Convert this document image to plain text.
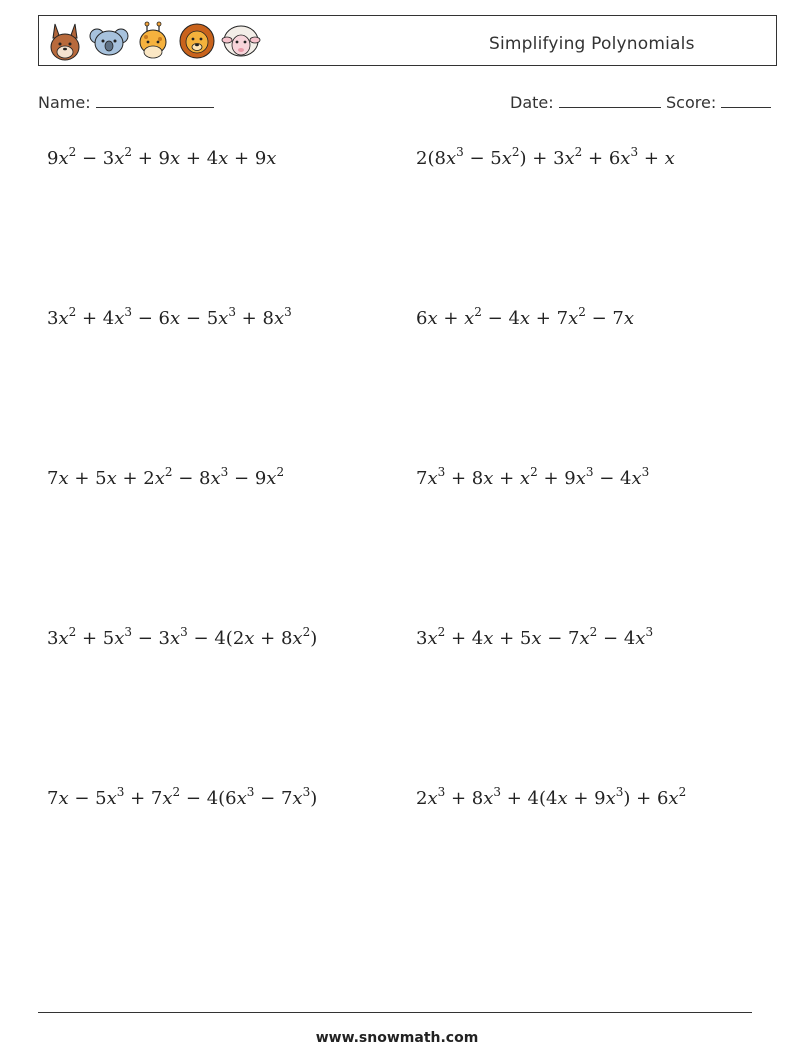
Simplifying Polynomials
Name:	Date:	Score:
$9x^2 - 3x^2 + 9x + 4x + 9x$	$2(8x^3 - 5x^2) + 3x^2 + 6x^3 + x$
$3x^2 + 4x^3 - 6x - 5x^3 + 8x^3$	$6x + x^2 - 4x + 7x^2 - 7x$
$7x + 5x + 2x^2 - 8x^3 - 9x^2$	$7x^3 + 8x + x^2 + 9x^3 - 4x^3$
$3x^2 + 5x^3 - 3x^3 - 4(2x + 8x^2)$	$3x^2 + 4x + 5x - 7x^2 - 4x^3$
$7x - 5x^3 + 7x^2 - 4(6x^3 - 7x^3)$	$2x^3 + 8x^3 + 4(4x + 9x^3) + 6x^2$
www.snowmath.com
